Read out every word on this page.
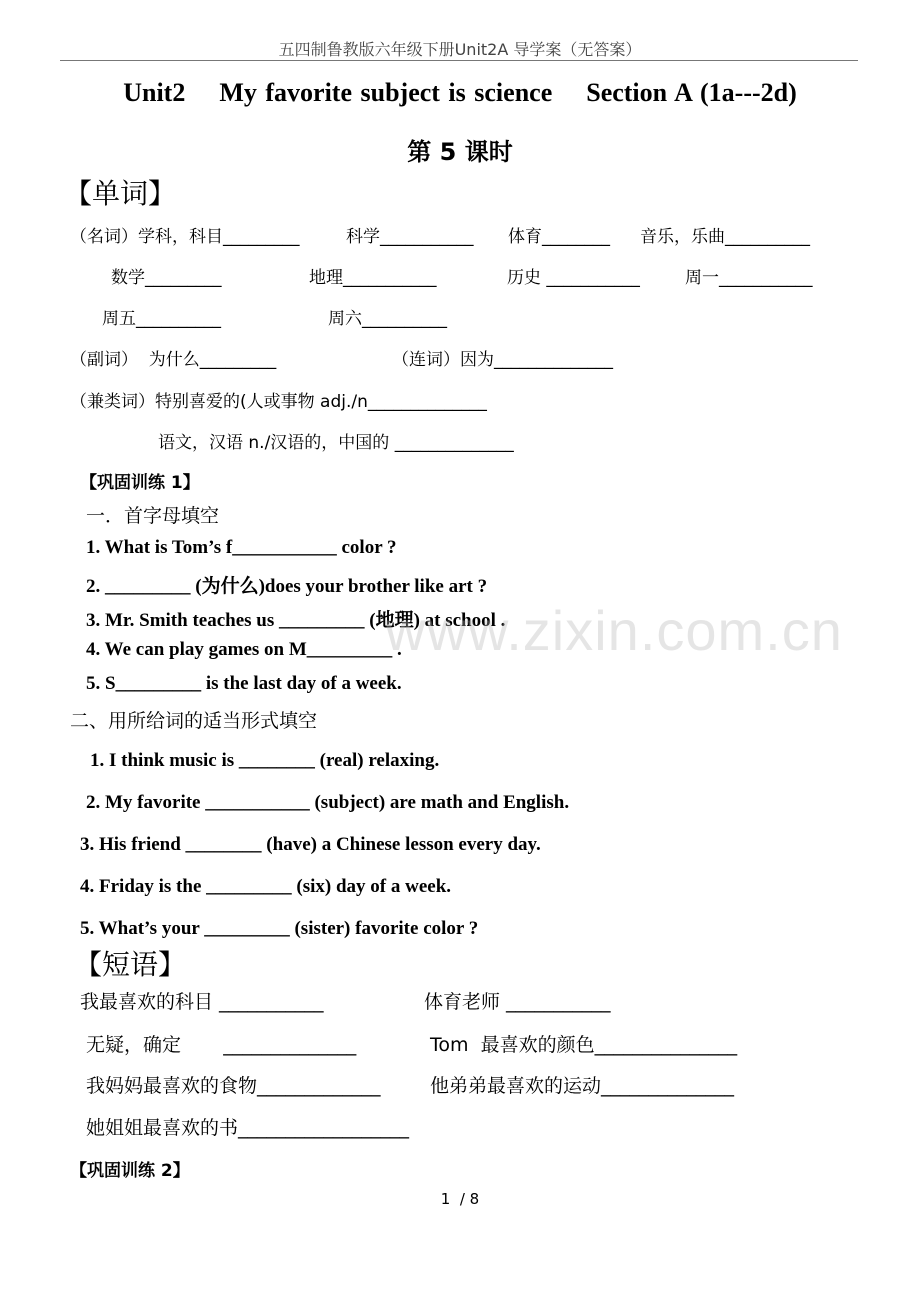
五四制鲁教版六年级下册Unit2A 导学案（无答案）
Unit2    My favorite subject is science    Section A (1a---2d)
第 5 课时
【单词】
（名词）学科，科目_________	科学___________ 体育________ 音乐，乐曲__________
数学_________	地理___________	历史 ___________	周一___________
周五__________	周六__________
（副词）  为什么_________	（连词）因为______________
（兼类词）特别喜爱的(人或事物 adj./n______________
语文，汉语 n./汉语的，中国的 ______________
【巩固训练 1】
一．首字母填空
1. What is Tom’s f___________ color ?
2. _________ (为什么)does your brother like art ?
3. Mr. Smith teaches us _________ (地理) at school .
4. We can play games on M_________ .
5. S_________ is the last day of a week.
二、用所给词的适当形式填空
1. I think music is ________ (real) relaxing.
2. My favorite ___________ (subject) are math and English.
3. His friend ________ (have) a Chinese lesson every day.
4. Friday is the _________ (six) day of a week.
5. What’s your _________ (sister) favorite color ?
【短语】
我最喜欢的科目 ___________	体育老师 ___________
无疑，确定       ______________	Tom  最喜欢的颜色_______________
我妈妈最喜欢的食物_____________	他弟弟最喜欢的运动______________
她姐姐最喜欢的书__________________
【巩固训练 2】
www.zixin.com.cn
1  / 8
